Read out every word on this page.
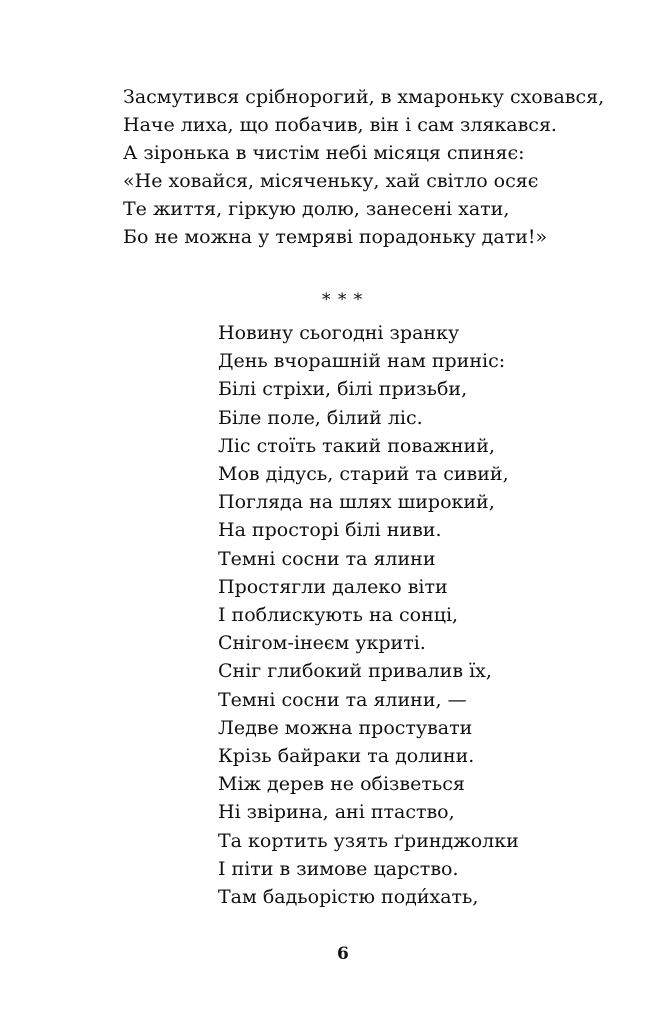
Засмутився срібнорогий, в хмароньку сховався,
Наче лиха, що побачив, він і сам злякався.
А зіронька в чистім небі місяця спиняє:
«Не ховайся, місяченьку, хай світло осяє
Те життя, гіркую долю, занесені хати,
Бо не можна у темряві порадоньку дати!»
* * *
Новину сьогодні зранку
День вчорашній нам приніс:
Білі стріхи, білі призьби,
Біле поле, білий ліс.
Ліс стоїть такий поважний,
Мов дідусь, старий та сивий,
Погляда на шлях широкий,
На просторі білі ниви.
Темні сосни та ялини
Простягли далеко віти
І поблискують на сонці,
Снігом-інеєм укриті.
Сніг глибокий привалив їх,
Темні сосни та ялини, —
Ледве можна простувати
Крізь байраки та долини.
Між дерев не обізветься
Ні звірина, ані птаство,
Та кортить узять ґринджолки
І піти в зимове царство.
Там бадьорістю поди́хать,
6
